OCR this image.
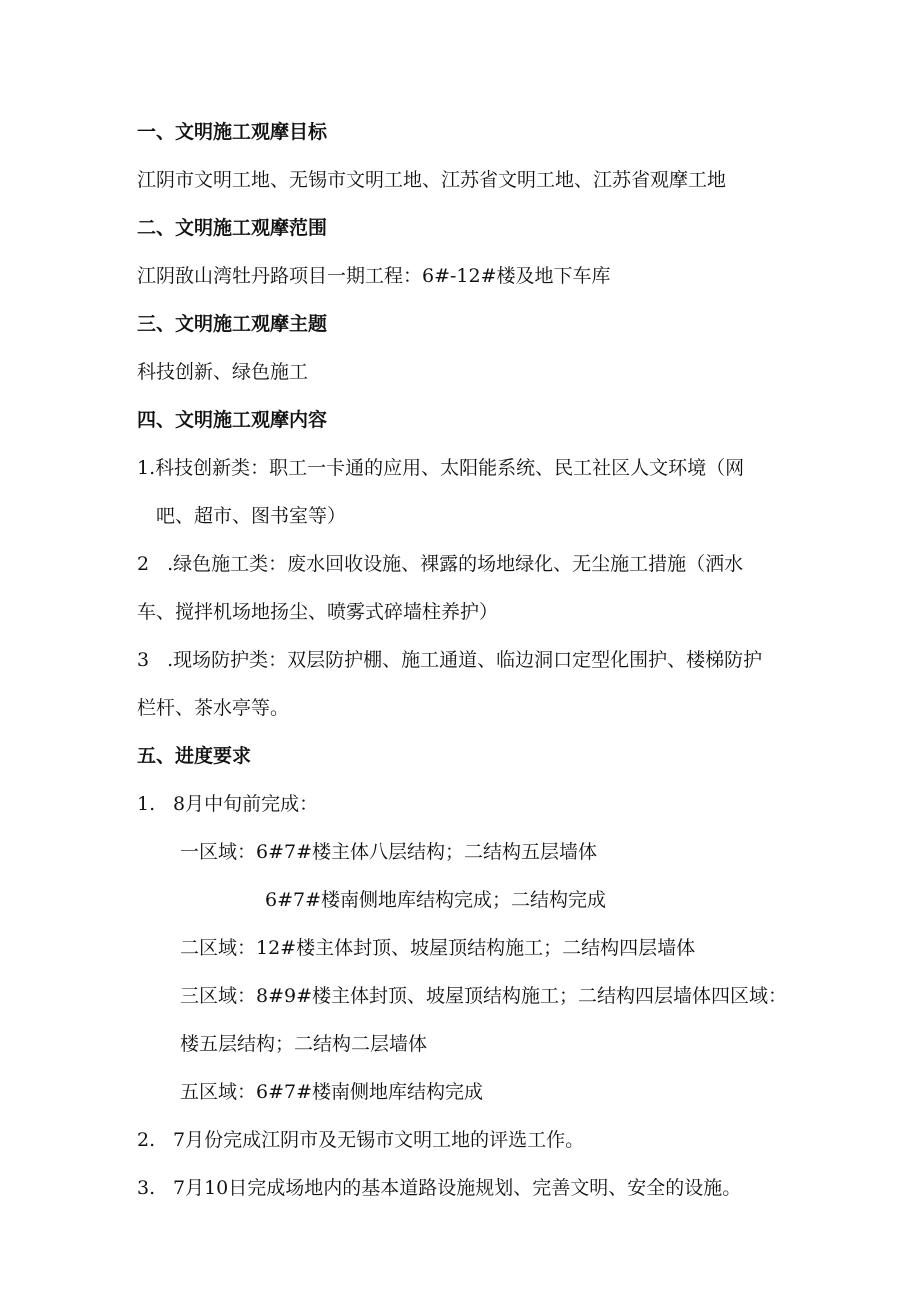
一、文明施工观摩目标
江阴市文明工地、无锡市文明工地、江苏省文明工地、江苏省观摩工地
二、文明施工观摩范围
江阴敔山湾牡丹路项目一期工程：6#-12#楼及地下车库
三、文明施工观摩主题
科技创新、绿色施工
四、文明施工观摩内容
1.科技创新类：职工一卡通的应用、太阳能系统、民工社区人文环境（网
吧、超市、图书室等）
2 .绿色施工类：废水回收设施、裸露的场地绿化、无尘施工措施（洒水
车、搅拌机场地扬尘、喷雾式碎墙柱养护）
3 .现场防护类：双层防护棚、施工通道、临边洞口定型化围护、楼梯防护
栏杆、茶水亭等。
五、进度要求
1. 8月中旬前完成：
一区域：6#7#楼主体八层结构；二结构五层墙体
6#7#楼南侧地库结构完成；二结构完成
二区域：12#楼主体封顶、坡屋顶结构施工；二结构四层墙体
三区域：8#9#楼主体封顶、坡屋顶结构施工；二结构四层墙体四区域：
楼五层结构；二结构二层墙体
五区域：6#7#楼南侧地库结构完成
2. 7月份完成江阴市及无锡市文明工地的评选工作。
3. 7月10日完成场地内的基本道路设施规划、完善文明、安全的设施。
